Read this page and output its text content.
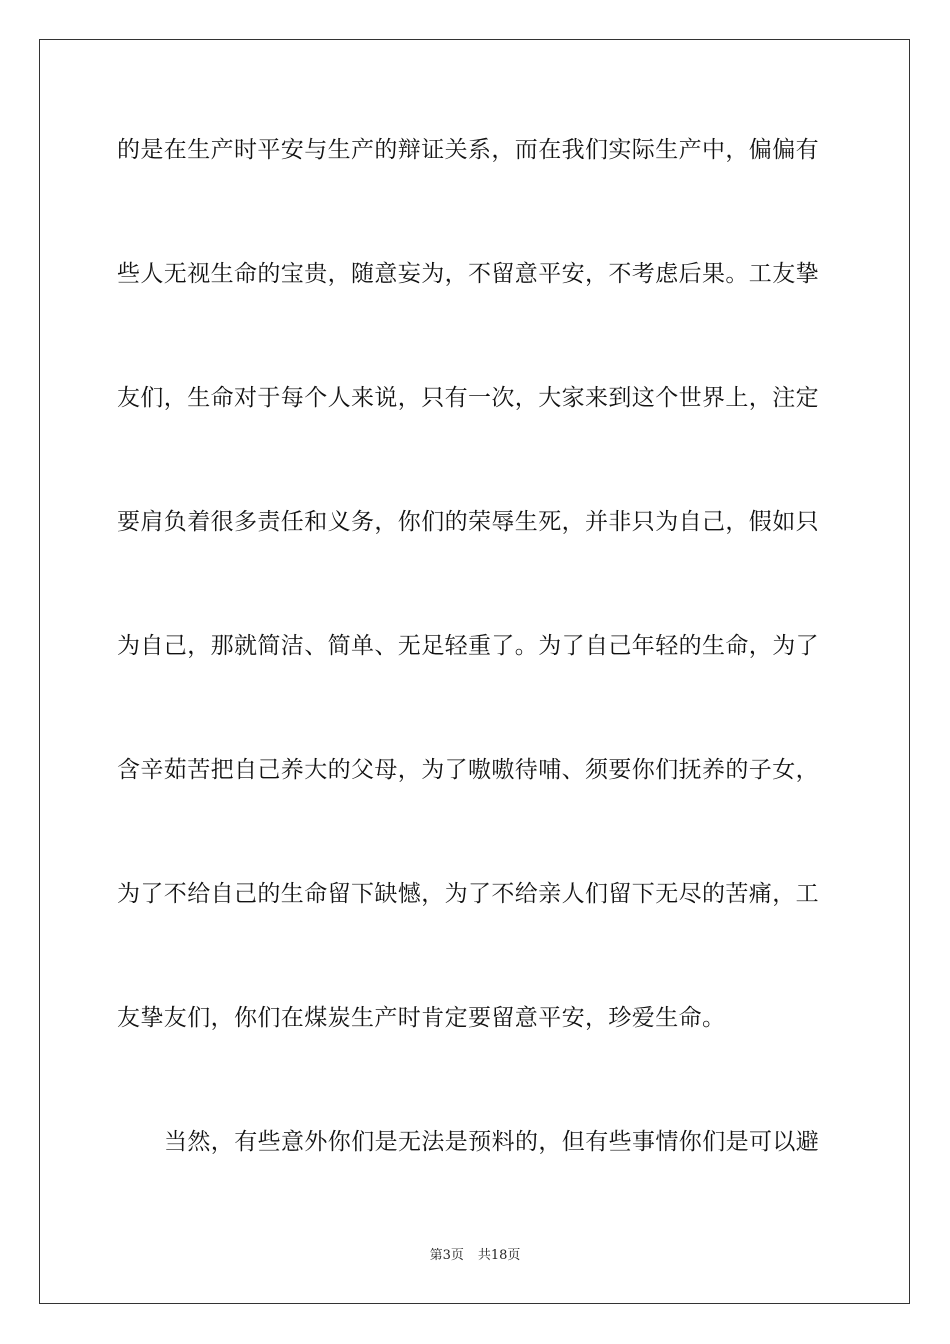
的是在生产时平安与生产的辩证关系，而在我们实际生产中，偏偏有
些人无视生命的宝贵，随意妄为，不留意平安，不考虑后果。工友挚
友们，生命对于每个人来说，只有一次，大家来到这个世界上，注定
要肩负着很多责任和义务，你们的荣辱生死，并非只为自己，假如只
为自己，那就简洁、简单、无足轻重了。为了自己年轻的生命，为了
含辛茹苦把自己养大的父母，为了嗷嗷待哺、须要你们抚养的子女，
为了不给自己的生命留下缺憾，为了不给亲人们留下无尽的苦痛，工
友挚友们，你们在煤炭生产时肯定要留意平安，珍爱生命。
当然，有些意外你们是无法是预料的，但有些事情你们是可以避
第3页 共18页
